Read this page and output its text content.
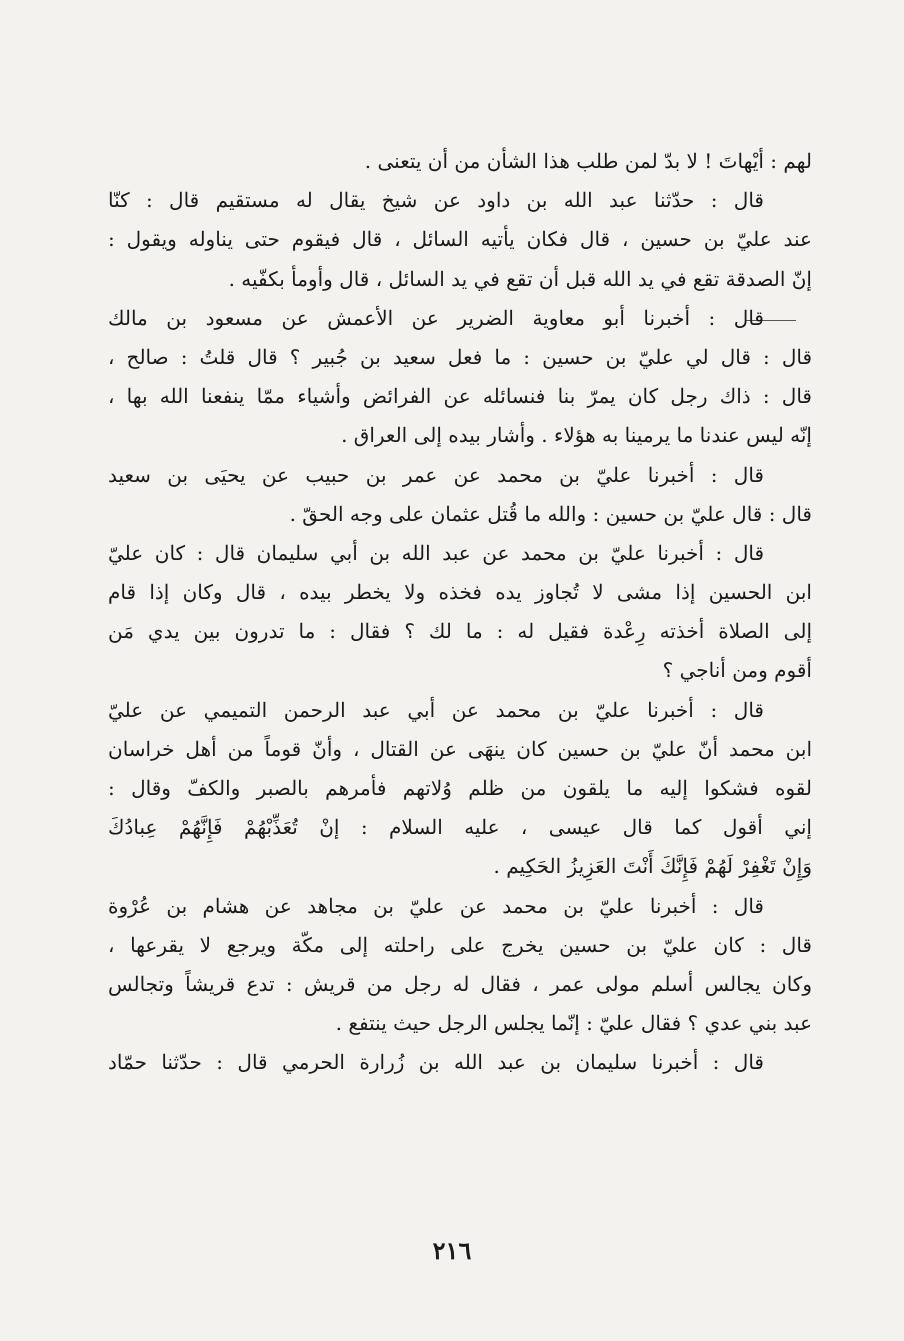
لهم : أيْهاتَ ! لا بدّ لمن طلب هذا الشأن من أن يتعنى .
قال : حدّثنا عبد الله بن داود عن شيخ يقال له مستقيم قال : كنّا
عند عليّ بن حسين ، قال فكان يأتيه السائل ، قال فيقوم حتى يناوله ويقول :
إنّ الصدقة تقع في يد الله قبل أن تقع في يد السائل ، قال وأومأ بكفّيه .
قال : أخبرنا أبو معاوية الضرير عن الأعمش عن مسعود بن مالك
قال : قال لي عليّ بن حسين : ما فعل سعيد بن جُبير ؟ قال قلتُ : صالح ،
قال : ذاك رجل كان يمرّ بنا فنسائله عن الفرائض وأشياء ممّا ينفعنا الله بها ،
إنّه ليس عندنا ما يرمينا به هؤلاء . وأشار بيده إلى العراق .
قال : أخبرنا عليّ بن محمد عن عمر بن حبيب عن يحيَى بن سعيد
قال : قال عليّ بن حسين : والله ما قُتل عثمان على وجه الحقّ .
قال : أخبرنا عليّ بن محمد عن عبد الله بن أبي سليمان قال : كان عليّ
ابن الحسين إذا مشى لا تُجاوز يده فخذه ولا يخطر بيده ، قال وكان إذا قام
إلى الصلاة أخذته رِعْدة فقيل له : ما لك ؟ فقال : ما تدرون بين يدي مَن
أقوم ومن أناجي ؟
قال : أخبرنا عليّ بن محمد عن أبي عبد الرحمن التميمي عن عليّ
ابن محمد أنّ عليّ بن حسين كان ينهَى عن القتال ، وأنّ قوماً من أهل خراسان
لقوه فشكوا إليه ما يلقون من ظلم وُلاتهم فأمرهم بالصبر والكفّ وقال :
إني أقول كما قال عيسى ، عليه السلام : إنْ تُعَذِّبْهُمْ فَإِنَّهُمْ عِبادُكَ
وَإِنْ تَغْفِرْ لَهُمْ فَإِنَّكَ أَنْتَ العَزِيزُ الحَكِيم .
قال : أخبرنا عليّ بن محمد عن عليّ بن مجاهد عن هشام بن عُرْوة
قال : كان عليّ بن حسين يخرج على راحلته إلى مكّة ويرجع لا يقرعها ،
وكان يجالس أسلم مولى عمر ، فقال له رجل من قريش : تدع قريشاً وتجالس
عبد بني عدي ؟ فقال عليّ : إنّما يجلس الرجل حيث ينتفع .
قال : أخبرنا سليمان بن عبد الله بن زُرارة الحرمي قال : حدّثنا حمّاد
٢١٦
